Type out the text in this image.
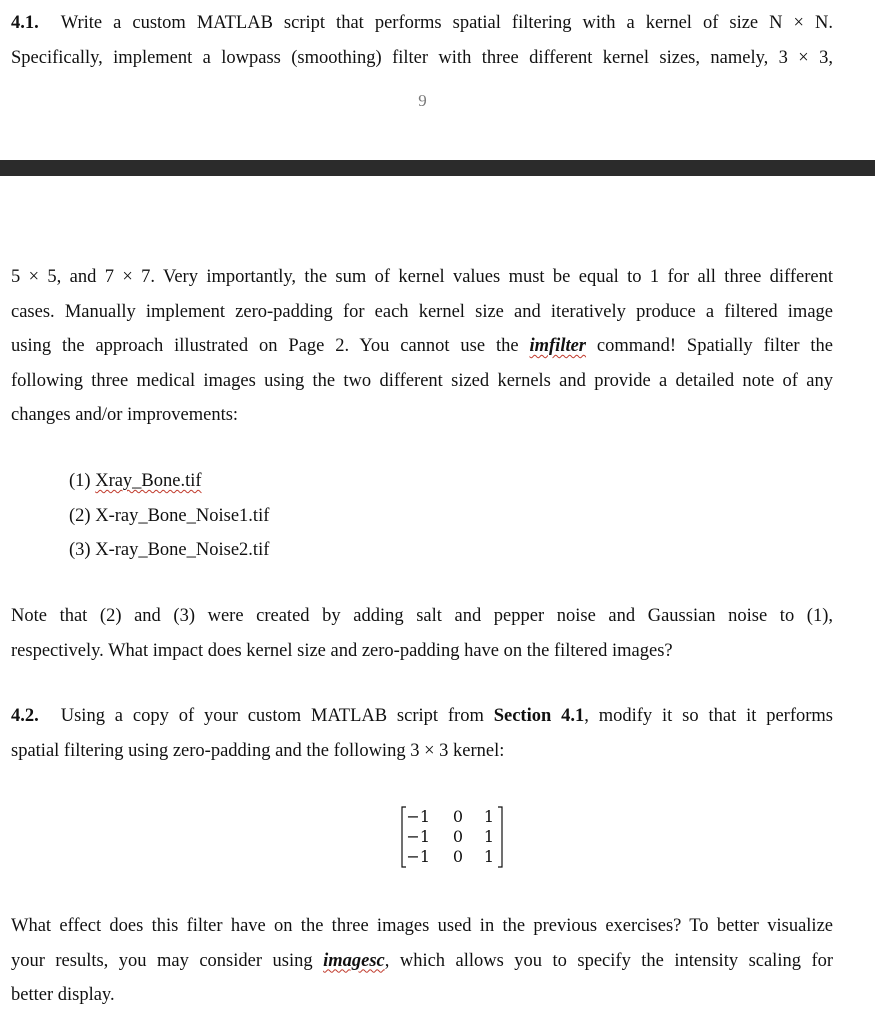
4.1. Write a custom MATLAB script that performs spatial filtering with a kernel of size N × N.
Specifically, implement a lowpass (smoothing) filter with three different kernel sizes, namely, 3 × 3,
9
5 × 5, and 7 × 7. Very importantly, the sum of kernel values must be equal to 1 for all three different
cases. Manually implement zero-padding for each kernel size and iteratively produce a filtered image
using the approach illustrated on Page 2. You cannot use the imfilter command! Spatially filter the
following three medical images using the two different sized kernels and provide a detailed note of any
changes and/or improvements:
(1) Xray_Bone.tif
(2) X-ray_Bone_Noise1.tif
(3) X-ray_Bone_Noise2.tif
Note that (2) and (3) were created by adding salt and pepper noise and Gaussian noise to (1),
respectively. What impact does kernel size and zero-padding have on the filtered images?
4.2. Using a copy of your custom MATLAB script from Section 4.1, modify it so that it performs
spatial filtering using zero-padding and the following 3 × 3 kernel:
−1	0	1
−1	0	1
−1	0	1
What effect does this filter have on the three images used in the previous exercises? To better visualize
your results, you may consider using imagesc, which allows you to specify the intensity scaling for
better display.
